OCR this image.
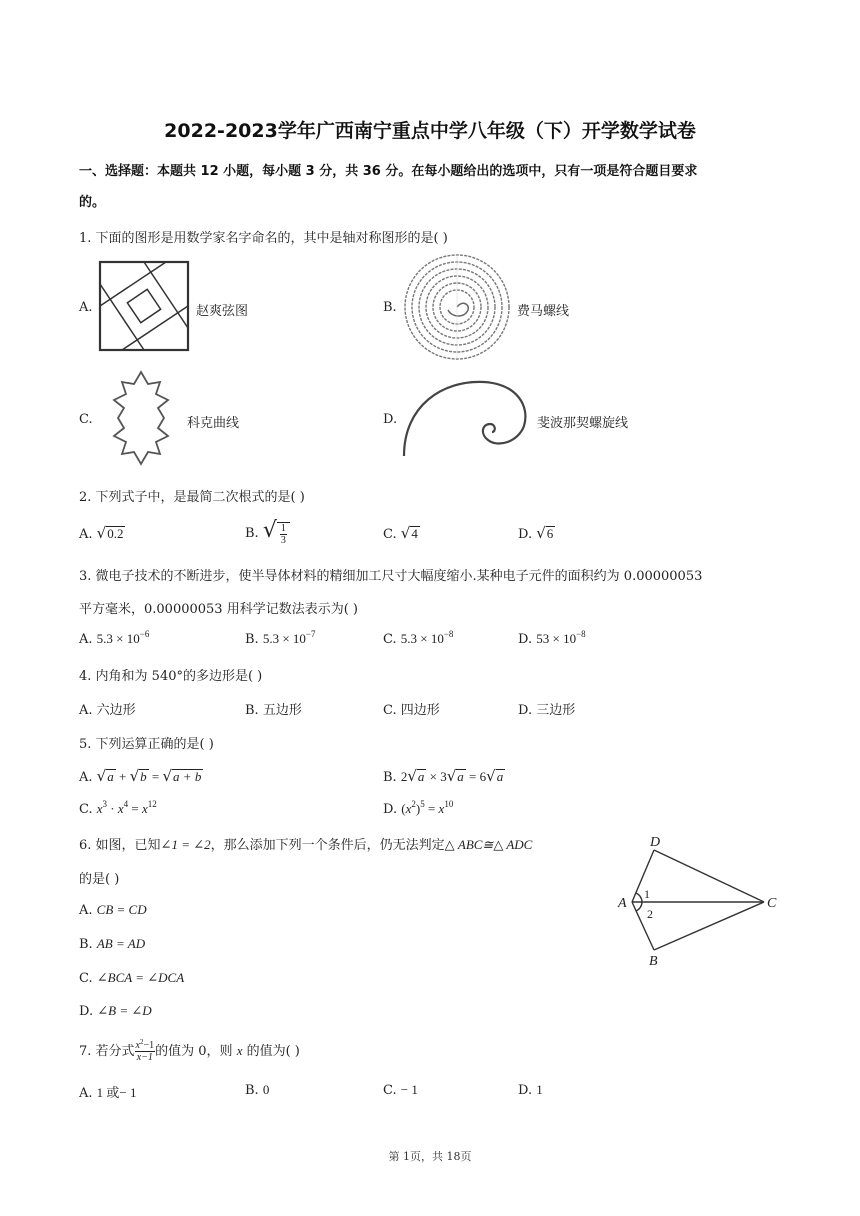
2022-2023学年广西南宁重点中学八年级（下）开学数学试卷
一、选择题：本题共 12 小题，每小题 3 分，共 36 分。在每小题给出的选项中，只有一项是符合题目要求
的。
1. 下面的图形是用数学家名字命名的，其中是轴对称图形的是( )
A.	赵爽弦图	B.	费马螺线
C.	科克曲线	D.	斐波那契螺旋线
2. 下列式子中，是最简二次根式的是( )
A. √0.2	B. √ $\frac{1}{3}$	C. √4	D. √6
3. 微电子技术的不断进步，使半导体材料的精细加工尺寸大幅度缩小.某种电子元件的面积约为 0.00000053
平方毫米，0.00000053 用科学记数法表示为( )
A. $5.3 \times 10^{-6}$	B. $5.3 \times 10^{-7}$	C. $5.3 \times 10^{-8}$	D. $53 \times 10^{-8}$
4. 内角和为 540°的多边形是( )
A. 六边形	B. 五边形	C. 四边形	D. 三边形
5. 下列运算正确的是( )
A. √a + √b = √a + b	B. 2√a × 3√a = 6√a
C. $x^3 \cdot x^4 = x^{12}$	D. $(x^2)^5 = x^{10}$
6. 如图，已知∠1 = ∠2，那么添加下列一个条件后，仍无法判定△ ABC≅△ ADC
的是( )
A. CB = CD
B. AB = AD
C. ∠BCA = ∠DCA
D. ∠B = ∠D
D
A	C
B
1
2
7. 若分式 $\frac{x^2-1}{x-1}$ 的值为 0，则 x 的值为( )
A. 1 或− 1	B. 0	C. − 1	D. 1
第 1页，共 18页
